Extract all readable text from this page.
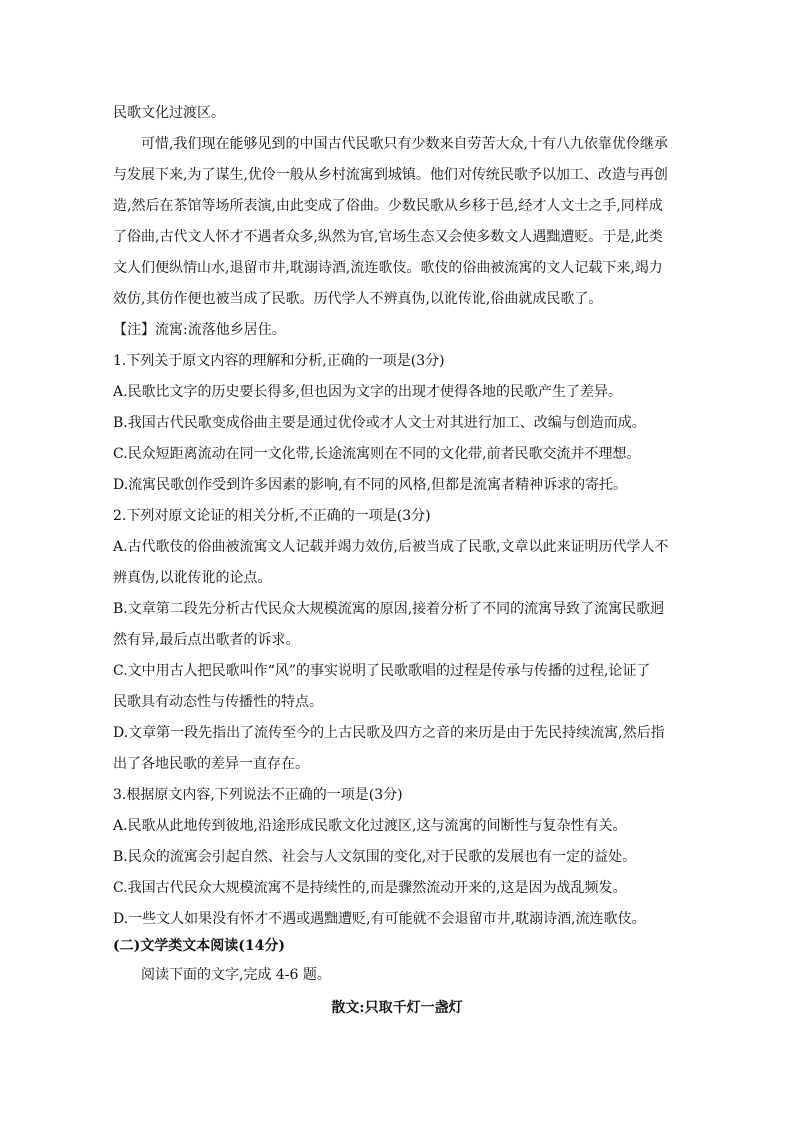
民歌文化过渡区。
可惜,我们现在能够见到的中国古代民歌只有少数来自劳苦大众,十有八九依靠优伶继承
与发展下来,为了谋生,优伶一般从乡村流寓到城镇。他们对传统民歌予以加工、改造与再创
造,然后在茶馆等场所表演,由此变成了俗曲。少数民歌从乡移于邑,经才人文士之手,同样成
了俗曲,古代文人怀才不遇者众多,纵然为官,官场生态又会使多数文人遇黜遭贬。于是,此类
文人们便纵情山水,退留市井,耽溺诗酒,流连歌伎。歌伎的俗曲被流寓的文人记载下来,竭力
效仿,其仿作便也被当成了民歌。历代学人不辨真伪,以讹传讹,俗曲就成民歌了。
【注】流寓:流落他乡居住。
1.下列关于原文内容的理解和分析,正确的一项是(3分)
A.民歌比文字的历史要长得多,但也因为文字的出现才使得各地的民歌产生了差异。
B.我国古代民歌变成俗曲主要是通过优伶或才人文士对其进行加工、改编与创造而成。
C.民众短距离流动在同一文化带,长途流寓则在不同的文化带,前者民歌交流并不理想。
D.流寓民歌创作受到许多因素的影响,有不同的风格,但都是流寓者精神诉求的寄托。
2.下列对原文论证的相关分析,不正确的一项是(3分)
A.古代歌伎的俗曲被流寓文人记载并竭力效仿,后被当成了民歌,文章以此来证明历代学人不
辨真伪,以讹传讹的论点。
B.文章第二段先分析古代民众大规模流寓的原因,接着分析了不同的流寓导致了流寓民歌迥
然有异,最后点出歌者的诉求。
C.文中用古人把民歌叫作“风”的事实说明了民歌歌唱的过程是传承与传播的过程,论证了
民歌具有动态性与传播性的特点。
D.文章第一段先指出了流传至今的上古民歌及四方之音的来历是由于先民持续流寓,然后指
出了各地民歌的差异一直存在。
3.根据原文内容,下列说法不正确的一项是(3分)
A.民歌从此地传到彼地,沿途形成民歌文化过渡区,这与流寓的间断性与复杂性有关。
B.民众的流寓会引起自然、社会与人文氛围的变化,对于民歌的发展也有一定的益处。
C.我国古代民众大规模流寓不是持续性的,而是骤然流动开来的,这是因为战乱频发。
D.一些文人如果没有怀才不遇或遇黜遭贬,有可能就不会退留市井,耽溺诗酒,流连歌伎。
(二)文学类文本阅读(14分)
阅读下面的文字,完成 4-6 题。
散文:只取千灯一盏灯
